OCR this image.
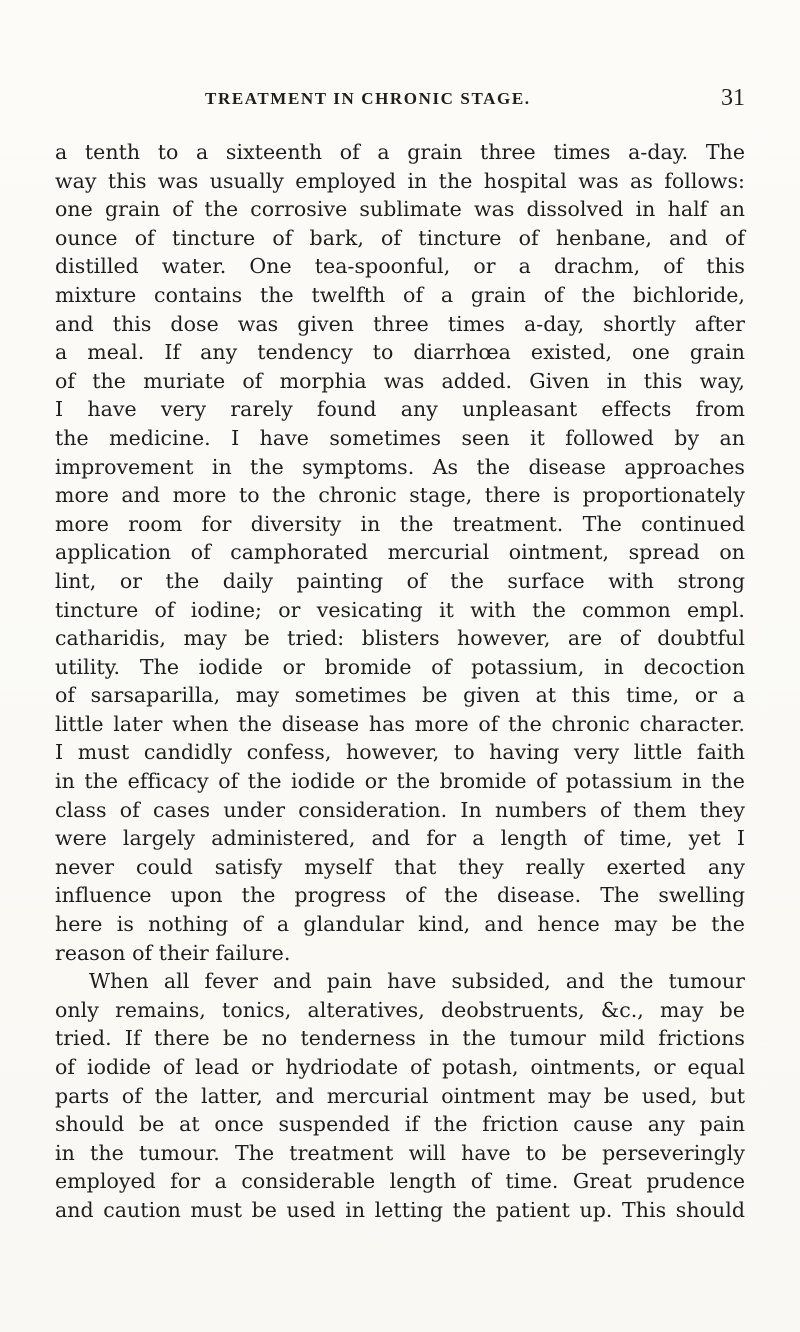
TREATMENT IN CHRONIC STAGE.	31
a tenth to a sixteenth of a grain three times a-day. The
way this was usually employed in the hospital was as follows:
one grain of the corrosive sublimate was dissolved in half an
ounce of tincture of bark, of tincture of henbane, and of
distilled water. One tea-spoonful, or a drachm, of this
mixture contains the twelfth of a grain of the bichloride,
and this dose was given three times a-day, shortly after
a meal. If any tendency to diarrhœa existed, one grain
of the muriate of morphia was added. Given in this way,
I have very rarely found any unpleasant effects from
the medicine. I have sometimes seen it followed by an
improvement in the symptoms. As the disease approaches
more and more to the chronic stage, there is proportionately
more room for diversity in the treatment. The continued
application of camphorated mercurial ointment, spread on
lint, or the daily painting of the surface with strong
tincture of iodine; or vesicating it with the common empl.
catharidis, may be tried: blisters however, are of doubtful
utility. The iodide or bromide of potassium, in decoction
of sarsaparilla, may sometimes be given at this time, or a
little later when the disease has more of the chronic character.
I must candidly confess, however, to having very little faith
in the efficacy of the iodide or the bromide of potassium in the
class of cases under consideration. In numbers of them they
were largely administered, and for a length of time, yet I
never could satisfy myself that they really exerted any
influence upon the progress of the disease. The swelling
here is nothing of a glandular kind, and hence may be the
reason of their failure.
When all fever and pain have subsided, and the tumour
only remains, tonics, alteratives, deobstruents, &c., may be
tried. If there be no tenderness in the tumour mild frictions
of iodide of lead or hydriodate of potash, ointments, or equal
parts of the latter, and mercurial ointment may be used, but
should be at once suspended if the friction cause any pain
in the tumour. The treatment will have to be perseveringly
employed for a considerable length of time. Great prudence
and caution must be used in letting the patient up. This should
